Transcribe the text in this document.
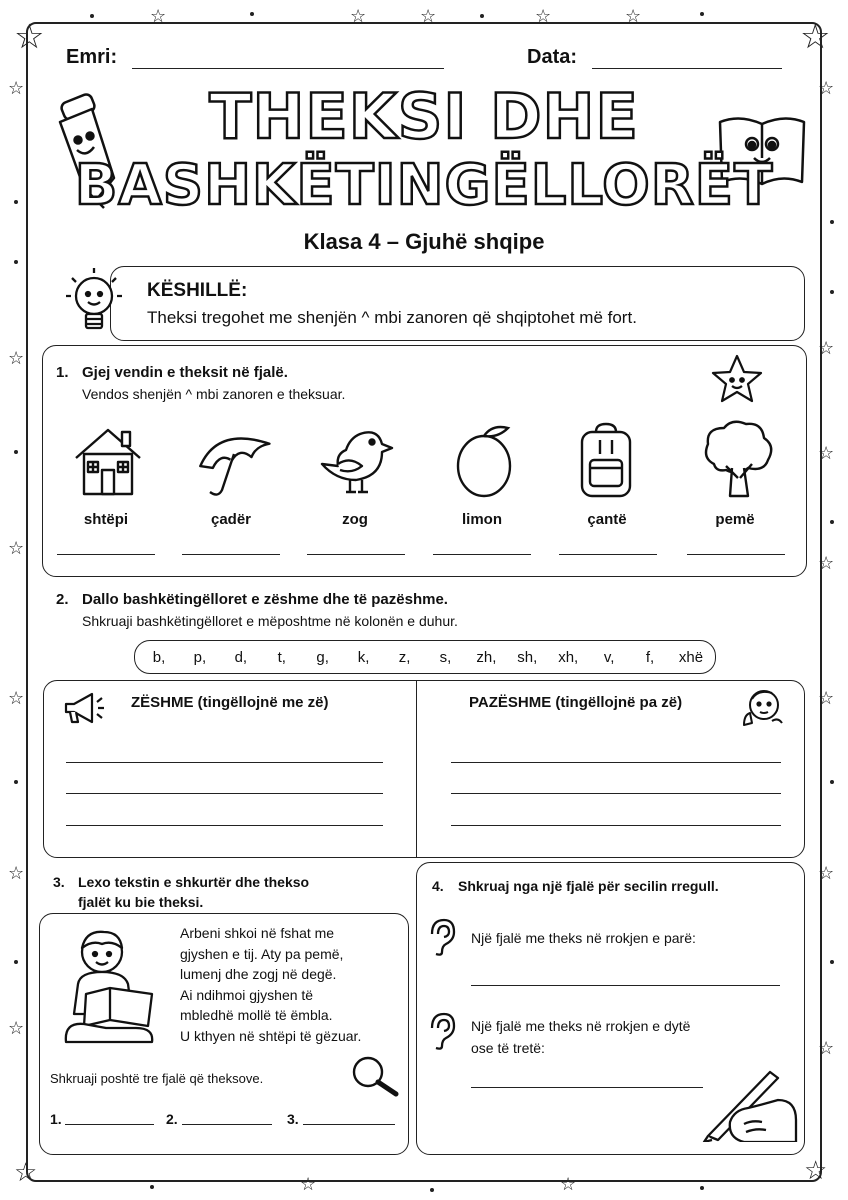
☆	☆
☆	☆	☆	☆	☆
☆	☆
☆	☆
☆
☆
☆
☆	☆
☆	☆
☆
☆
☆	☆
☆	☆
Emri:	Data:
THEKSI DHE
BASHKËTINGËLLORËT
Klasa 4 – Gjuhë shqipe
KËSHILLË:
Theksi tregohet me shenjën ^ mbi zanoren që shqiptohet më fort.
1. Gjej vendin e theksit në fjalë.
Vendos shenjën ^ mbi zanoren e theksuar.
shtëpi	çadër	zog	limon	çantë	pemë
2. Dallo bashkëtingëlloret e zëshme dhe të pazëshme.
Shkruaji bashkëtingëlloret e mëposhtme në kolonën e duhur.
b,	p,	d,	t,	g,	k,	z,	s,	zh,	sh,	xh,	v,	f,	xhë
ZËSHME (tingëllojnë me zë)	PAZËSHME (tingëllojnë pa zë)
3. Lexo tekstin e shkurtër dhe thekso
fjalët ku bie theksi.
Arbeni shkoi në fshat me
gjyshen e tij. Aty pa pemë,
lumenj dhe zogj në degë.
Ai ndihmoi gjyshen të
mbledhë mollë të ëmbla.
U kthyen në shtëpi të gëzuar.
Shkruaji poshtë tre fjalë që theksove.
1.	2.	3.
4. Shkruaj nga një fjalë për secilin rregull.
Një fjalë me theks në rrokjen e parë:
Një fjalë me theks në rrokjen e dytë
ose të tretë:
